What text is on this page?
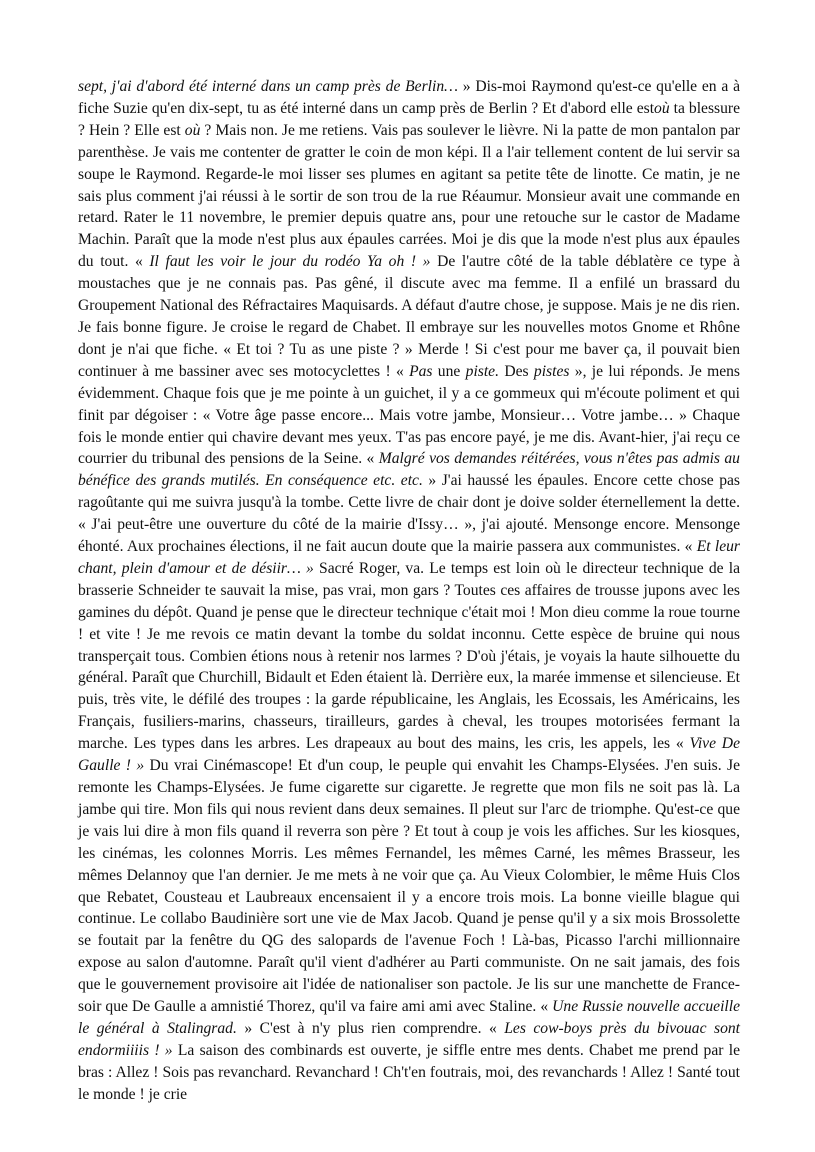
sept, j'ai d'abord été interné dans un camp près de Berlin… » Dis-moi Raymond qu'est-ce qu'elle en a à fiche Suzie qu'en dix-sept, tu as été interné dans un camp près de Berlin ? Et d'abord elle estoù ta blessure ? Hein ? Elle est où ? Mais non. Je me retiens. Vais pas soulever le lièvre. Ni la patte de mon pantalon par parenthèse. Je vais me contenter de gratter le coin de mon képi. Il a l'air tellement content de lui servir sa soupe le Raymond. Regarde-le moi lisser ses plumes en agitant sa petite tête de linotte. Ce matin, je ne sais plus comment j'ai réussi à le sortir de son trou de la rue Réaumur. Monsieur avait une commande en retard. Rater le 11 novembre, le premier depuis quatre ans, pour une retouche sur le castor de Madame Machin. Paraît que la mode n'est plus aux épaules carrées. Moi je dis que la mode n'est plus aux épaules du tout. « Il faut les voir le jour du rodéo Ya oh ! » De l'autre côté de la table déblatère ce type à moustaches que je ne connais pas. Pas gêné, il discute avec ma femme. Il a enfilé un brassard du Groupement National des Réfractaires Maquisards. A défaut d'autre chose, je suppose. Mais je ne dis rien. Je fais bonne figure. Je croise le regard de Chabet. Il embraye sur les nouvelles motos Gnome et Rhône dont je n'ai que fiche. « Et toi ? Tu as une piste ? » Merde ! Si c'est pour me baver ça, il pouvait bien continuer à me bassiner avec ses motocyclettes ! « Pas une piste. Des pistes », je lui réponds. Je mens évidemment. Chaque fois que je me pointe à un guichet, il y a ce gommeux qui m'écoute poliment et qui finit par dégoiser : « Votre âge passe encore... Mais votre jambe, Monsieur… Votre jambe… » Chaque fois le monde entier qui chavire devant mes yeux. T'as pas encore payé, je me dis. Avant-hier, j'ai reçu ce courrier du tribunal des pensions de la Seine. « Malgré vos demandes réitérées, vous n'êtes pas admis au bénéfice des grands mutilés. En conséquence etc. etc. » J'ai haussé les épaules. Encore cette chose pas ragoûtante qui me suivra jusqu'à la tombe. Cette livre de chair dont je doive solder éternellement la dette. « J'ai peut-être une ouverture du côté de la mairie d'Issy… », j'ai ajouté. Mensonge encore. Mensonge éhonté. Aux prochaines élections, il ne fait aucun doute que la mairie passera aux communistes. « Et leur chant, plein d'amour et de désiir… » Sacré Roger, va. Le temps est loin où le directeur technique de la brasserie Schneider te sauvait la mise, pas vrai, mon gars ? Toutes ces affaires de trousse jupons avec les gamines du dépôt. Quand je pense que le directeur technique c'était moi ! Mon dieu comme la roue tourne ! et vite ! Je me revois ce matin devant la tombe du soldat inconnu. Cette espèce de bruine qui nous transperçait tous. Combien étions nous à retenir nos larmes ? D'où j'étais, je voyais la haute silhouette du général. Paraît que Churchill, Bidault et Eden étaient là. Derrière eux, la marée immense et silencieuse. Et puis, très vite, le défilé des troupes : la garde républicaine, les Anglais, les Ecossais, les Américains, les Français, fusiliers-marins, chasseurs, tirailleurs, gardes à cheval, les troupes motorisées fermant la marche. Les types dans les arbres. Les drapeaux au bout des mains, les cris, les appels, les « Vive De Gaulle ! » Du vrai Cinémascope! Et d'un coup, le peuple qui envahit les Champs-Elysées. J'en suis. Je remonte les Champs-Elysées. Je fume cigarette sur cigarette. Je regrette que mon fils ne soit pas là. La jambe qui tire. Mon fils qui nous revient dans deux semaines. Il pleut sur l'arc de triomphe. Qu'est-ce que je vais lui dire à mon fils quand il reverra son père ? Et tout à coup je vois les affiches. Sur les kiosques, les cinémas, les colonnes Morris. Les mêmes Fernandel, les mêmes Carné, les mêmes Brasseur, les mêmes Delannoy que l'an dernier. Je me mets à ne voir que ça. Au Vieux Colombier, le même Huis Clos que Rebatet, Cousteau et Laubreaux encensaient il y a encore trois mois. La bonne vieille blague qui continue. Le collabo Baudinière sort une vie de Max Jacob. Quand je pense qu'il y a six mois Brossolette se foutait par la fenêtre du QG des salopards de l'avenue Foch ! Là-bas, Picasso l'archi millionnaire expose au salon d'automne. Paraît qu'il vient d'adhérer au Parti communiste. On ne sait jamais, des fois que le gouvernement provisoire ait l'idée de nationaliser son pactole. Je lis sur une manchette de France-soir que De Gaulle a amnistié Thorez, qu'il va faire ami ami avec Staline. « Une Russie nouvelle accueille le général à Stalingrad. » C'est à n'y plus rien comprendre. « Les cow-boys près du bivouac sont endormiiiis ! » La saison des combinards est ouverte, je siffle entre mes dents. Chabet me prend par le bras : Allez ! Sois pas revanchard. Revanchard ! Ch't'en foutrais, moi, des revanchards ! Allez ! Santé tout le monde ! je crie
